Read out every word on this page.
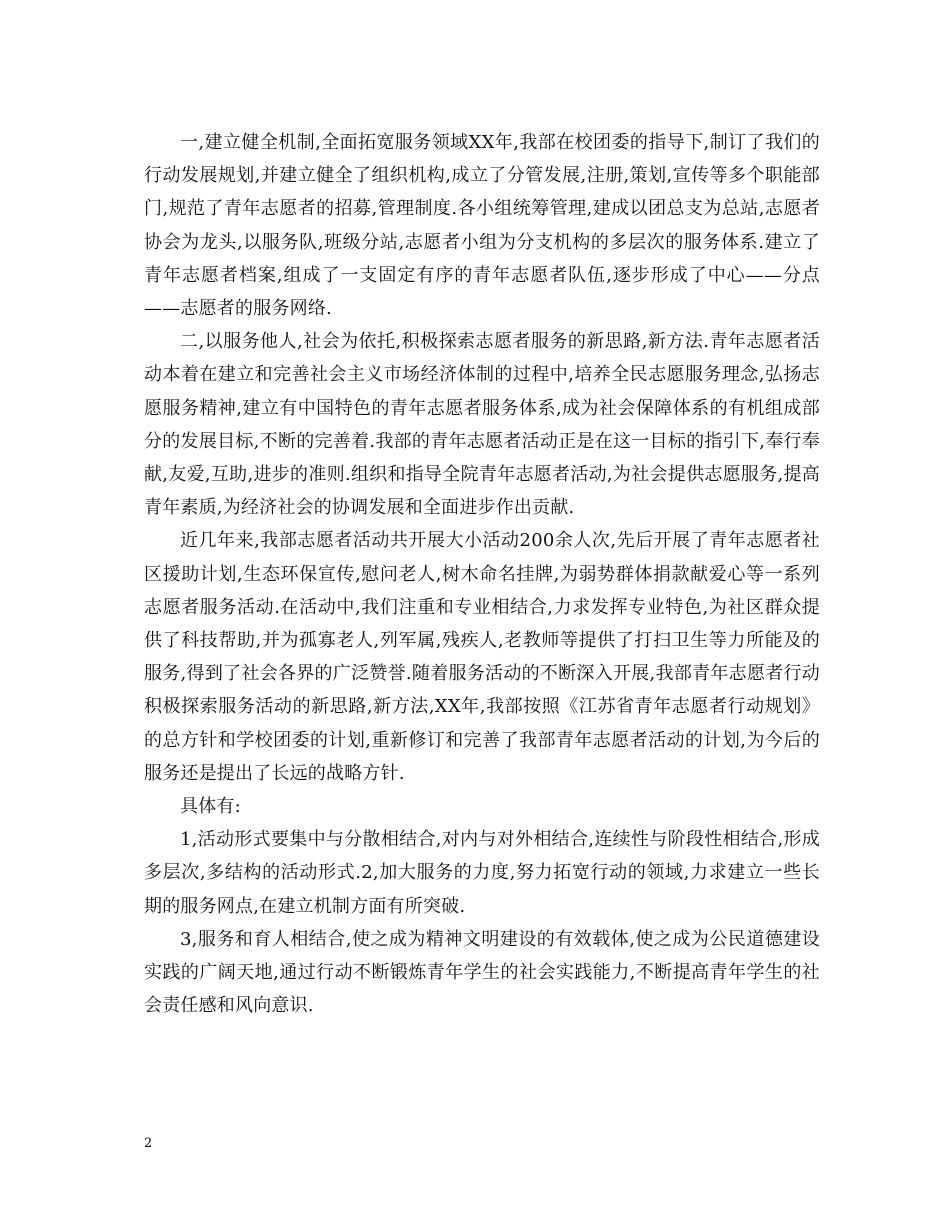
一,建立健全机制,全面拓宽服务领域XX年,我部在校团委的指导下,制订了我们的行动发展规划,并建立健全了组织机构,成立了分管发展,注册,策划,宣传等多个职能部门,规范了青年志愿者的招募,管理制度.各小组统筹管理,建成以团总支为总站,志愿者协会为龙头,以服务队,班级分站,志愿者小组为分支机构的多层次的服务体系.建立了青年志愿者档案,组成了一支固定有序的青年志愿者队伍,逐步形成了中心——分点——志愿者的服务网络.

二,以服务他人,社会为依托,积极探索志愿者服务的新思路,新方法.青年志愿者活动本着在建立和完善社会主义市场经济体制的过程中,培养全民志愿服务理念,弘扬志愿服务精神,建立有中国特色的青年志愿者服务体系,成为社会保障体系的有机组成部分的发展目标,不断的完善着.我部的青年志愿者活动正是在这一目标的指引下,奉行奉献,友爱,互助,进步的准则.组织和指导全院青年志愿者活动,为社会提供志愿服务,提高青年素质,为经济社会的协调发展和全面进步作出贡献.

近几年来,我部志愿者活动共开展大小活动200余人次,先后开展了青年志愿者社区援助计划,生态环保宣传,慰问老人,树木命名挂牌,为弱势群体捐款献爱心等一系列志愿者服务活动.在活动中,我们注重和专业相结合,力求发挥专业特色,为社区群众提供了科技帮助,并为孤寡老人,列军属,残疾人,老教师等提供了打扫卫生等力所能及的服务,得到了社会各界的广泛赞誉.随着服务活动的不断深入开展,我部青年志愿者行动积极探索服务活动的新思路,新方法,XX年,我部按照《江苏省青年志愿者行动规划》的总方针和学校团委的计划,重新修订和完善了我部青年志愿者活动的计划,为今后的服务还是提出了长远的战略方针.

具体有:

1,活动形式要集中与分散相结合,对内与对外相结合,连续性与阶段性相结合,形成多层次,多结构的活动形式.2,加大服务的力度,努力拓宽行动的领域,力求建立一些长期的服务网点,在建立机制方面有所突破.

3,服务和育人相结合,使之成为精神文明建设的有效载体,使之成为公民道德建设实践的广阔天地,通过行动不断锻炼青年学生的社会实践能力,不断提高青年学生的社会责任感和风向意识.

2
